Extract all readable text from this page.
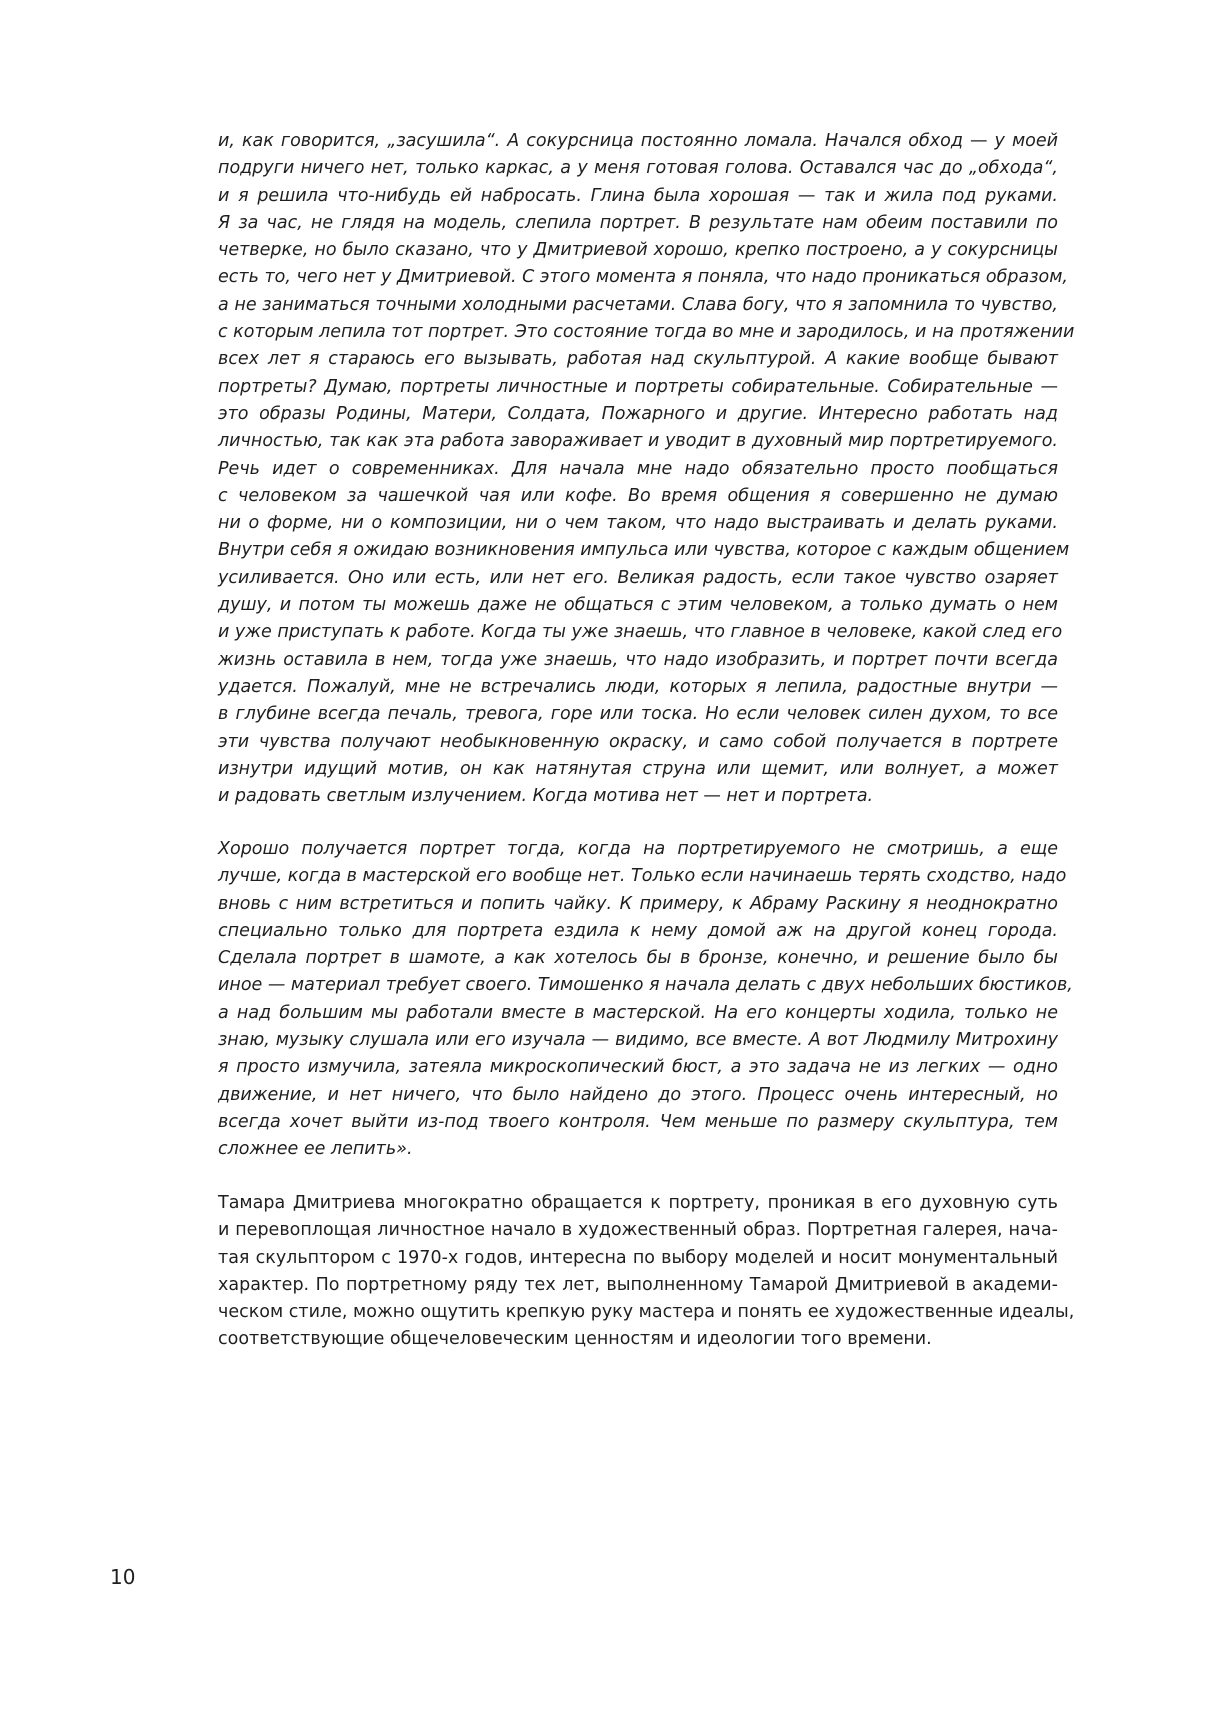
и, как говорится, „засушила“. А сокурсница постоянно ломала. Начался обход — у моей
подруги ничего нет, только каркас, а у меня готовая голова. Оставался час до „обхода“,
и я решила что-нибудь ей набросать. Глина была хорошая — так и жила под руками.
Я за час, не глядя на модель, слепила портрет. В результате нам обеим поставили по
четверке, но было сказано, что у Дмитриевой хорошо, крепко построено, а у сокурсницы
есть то, чего нет у Дмитриевой. С этого момента я поняла, что надо проникаться образом,
а не заниматься точными холодными расчетами. Слава богу, что я запомнила то чувство,
с которым лепила тот портрет. Это состояние тогда во мне и зародилось, и на протяжении
всех лет я стараюсь его вызывать, работая над скульптурой. А какие вообще бывают
портреты? Думаю, портреты личностные и портреты собирательные. Собирательные —
это образы Родины, Матери, Солдата, Пожарного и другие. Интересно работать над
личностью, так как эта работа завораживает и уводит в духовный мир портретируемого.
Речь идет о современниках. Для начала мне надо обязательно просто пообщаться
с человеком за чашечкой чая или кофе. Во время общения я совершенно не думаю
ни о форме, ни о композиции, ни о чем таком, что надо выстраивать и делать руками.
Внутри себя я ожидаю возникновения импульса или чувства, которое с каждым общением
усиливается. Оно или есть, или нет его. Великая радость, если такое чувство озаряет
душу, и потом ты можешь даже не общаться с этим человеком, а только думать о нем
и уже приступать к работе. Когда ты уже знаешь, что главное в человеке, какой след его
жизнь оставила в нем, тогда уже знаешь, что надо изобразить, и портрет почти всегда
удается. Пожалуй, мне не встречались люди, которых я лепила, радостные внутри —
в глубине всегда печаль, тревога, горе или тоска. Но если человек силен духом, то все
эти чувства получают необыкновенную окраску, и само собой получается в портрете
изнутри идущий мотив, он как натянутая струна или щемит, или волнует, а может
и радовать светлым излучением. Когда мотива нет — нет и портрета.
Хорошо получается портрет тогда, когда на портретируемого не смотришь, а еще
лучше, когда в мастерской его вообще нет. Только если начинаешь терять сходство, надо
вновь с ним встретиться и попить чайку. К примеру, к Абраму Раскину я неоднократно
специально только для портрета ездила к нему домой аж на другой конец города.
Сделала портрет в шамоте, а как хотелось бы в бронзе, конечно, и решение было бы
иное — материал требует своего. Тимошенко я начала делать с двух небольших бюстиков,
а над большим мы работали вместе в мастерской. На его концерты ходила, только не
знаю, музыку слушала или его изучала — видимо, все вместе. А вот Людмилу Митрохину
я просто измучила, затеяла микроскопический бюст, а это задача не из легких — одно
движение, и нет ничего, что было найдено до этого. Процесс очень интересный, но
всегда хочет выйти из-под твоего контроля. Чем меньше по размеру скульптура, тем
сложнее ее лепить».
Тамара Дмитриева многократно обращается к портрету, проникая в его духовную суть
и перевоплощая личностное начало в художественный образ. Портретная галерея, нача-
тая скульптором с 1970-х годов, интересна по выбору моделей и носит монументальный
характер. По портретному ряду тех лет, выполненному Тамарой Дмитриевой в академи-
ческом стиле, можно ощутить крепкую руку мастера и понять ее художественные идеалы,
соответствующие общечеловеческим ценностям и идеологии того времени.
10
